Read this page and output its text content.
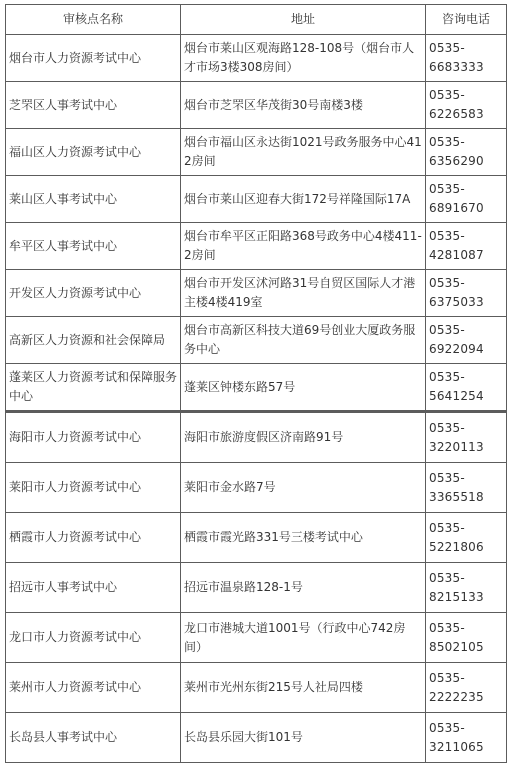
审核点名称	地址	咨询电话
烟台市人力资源考试中心	烟台市莱山区观海路128-108号（烟台市人才市场3楼308房间）	0535-
6683333

芝罘区人事考试中心	烟台市芝罘区华茂街30号南楼3楼	0535-
6226583

福山区人力资源考试中心	烟台市福山区永达街1021号政务服务中心412房间	0535-
6356290

莱山区人事考试中心	烟台市莱山区迎春大街172号祥隆国际17A	0535-
6891670

牟平区人事考试中心	烟台市牟平区正阳路368号政务中心4楼411-2房间	0535-
4281087

开发区人力资源考试中心	烟台市开发区沭河路31号自贸区国际人才港主楼4楼419室	0535-
6375033

高新区人力资源和社会保障局	烟台市高新区科技大道69号创业大厦政务服务中心	0535-
6922094

蓬莱区人力资源考试和保障服务中心	蓬莱区钟楼东路57号	0535-
5641254

海阳市人力资源考试中心	海阳市旅游度假区济南路91号	0535-
3220113

莱阳市人力资源考试中心	莱阳市金水路7号	0535-
3365518

栖霞市人力资源考试中心	栖霞市霞光路331号三楼考试中心	0535-
5221806

招远市人事考试中心	招远市温泉路128-1号	0535-
8215133

龙口市人力资源考试中心	龙口市港城大道1001号（行政中心742房间）	0535-
8502105

莱州市人力资源考试中心	莱州市光州东街215号人社局四楼	0535-
2222235

长岛县人事考试中心	长岛县乐园大街101号	0535-
3211065
